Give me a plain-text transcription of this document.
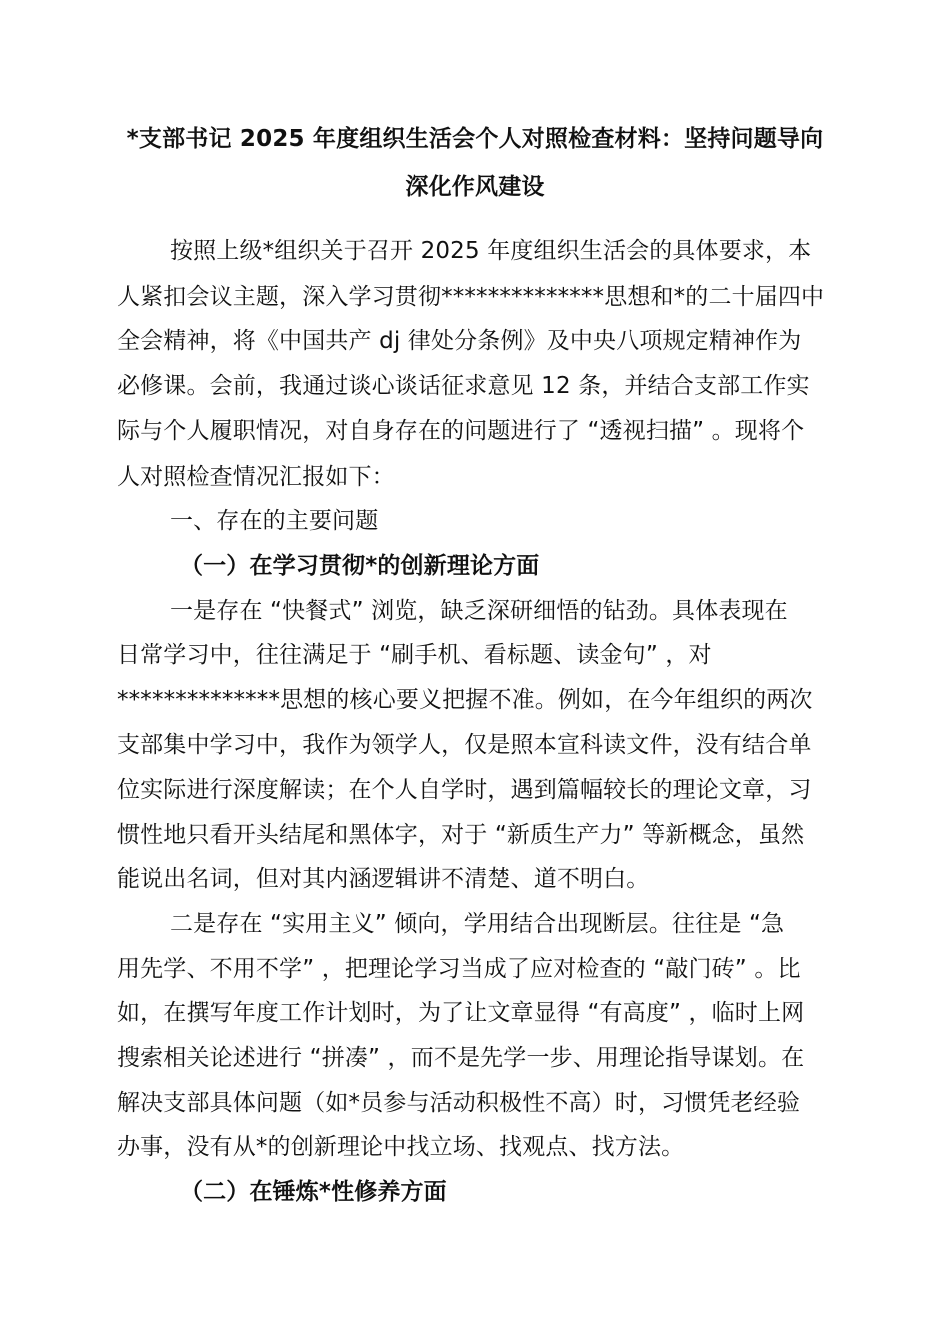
*支部书记 2025 年度组织生活会个人对照检查材料：坚持问题导向
深化作风建设
按照上级*组织关于召开 2025 年度组织生活会的具体要求，本
人紧扣会议主题，深入学习贯彻**************思想和*的二十届四中
全会精神，将《中国共产 dj 律处分条例》及中央八项规定精神作为
必修课。会前，我通过谈心谈话征求意见 12 条，并结合支部工作实
际与个人履职情况，对自身存在的问题进行了 “透视扫描” 。现将个
人对照检查情况汇报如下：
一、存在的主要问题
（一）在学习贯彻*的创新理论方面
一是存在 “快餐式” 浏览，缺乏深研细悟的钻劲。具体表现在
日常学习中，往往满足于 “刷手机、看标题、读金句” ，对
**************思想的核心要义把握不准。例如，在今年组织的两次
支部集中学习中，我作为领学人，仅是照本宣科读文件，没有结合单
位实际进行深度解读；在个人自学时，遇到篇幅较长的理论文章，习
惯性地只看开头结尾和黑体字，对于 “新质生产力” 等新概念，虽然
能说出名词，但对其内涵逻辑讲不清楚、道不明白。
二是存在 “实用主义” 倾向，学用结合出现断层。往往是 “急
用先学、不用不学” ，把理论学习当成了应对检查的 “敲门砖” 。比
如，在撰写年度工作计划时，为了让文章显得 “有高度” ，临时上网
搜索相关论述进行 “拼凑” ，而不是先学一步、用理论指导谋划。在
解决支部具体问题（如*员参与活动积极性不高）时，习惯凭老经验
办事，没有从*的创新理论中找立场、找观点、找方法。
（二）在锤炼*性修养方面
